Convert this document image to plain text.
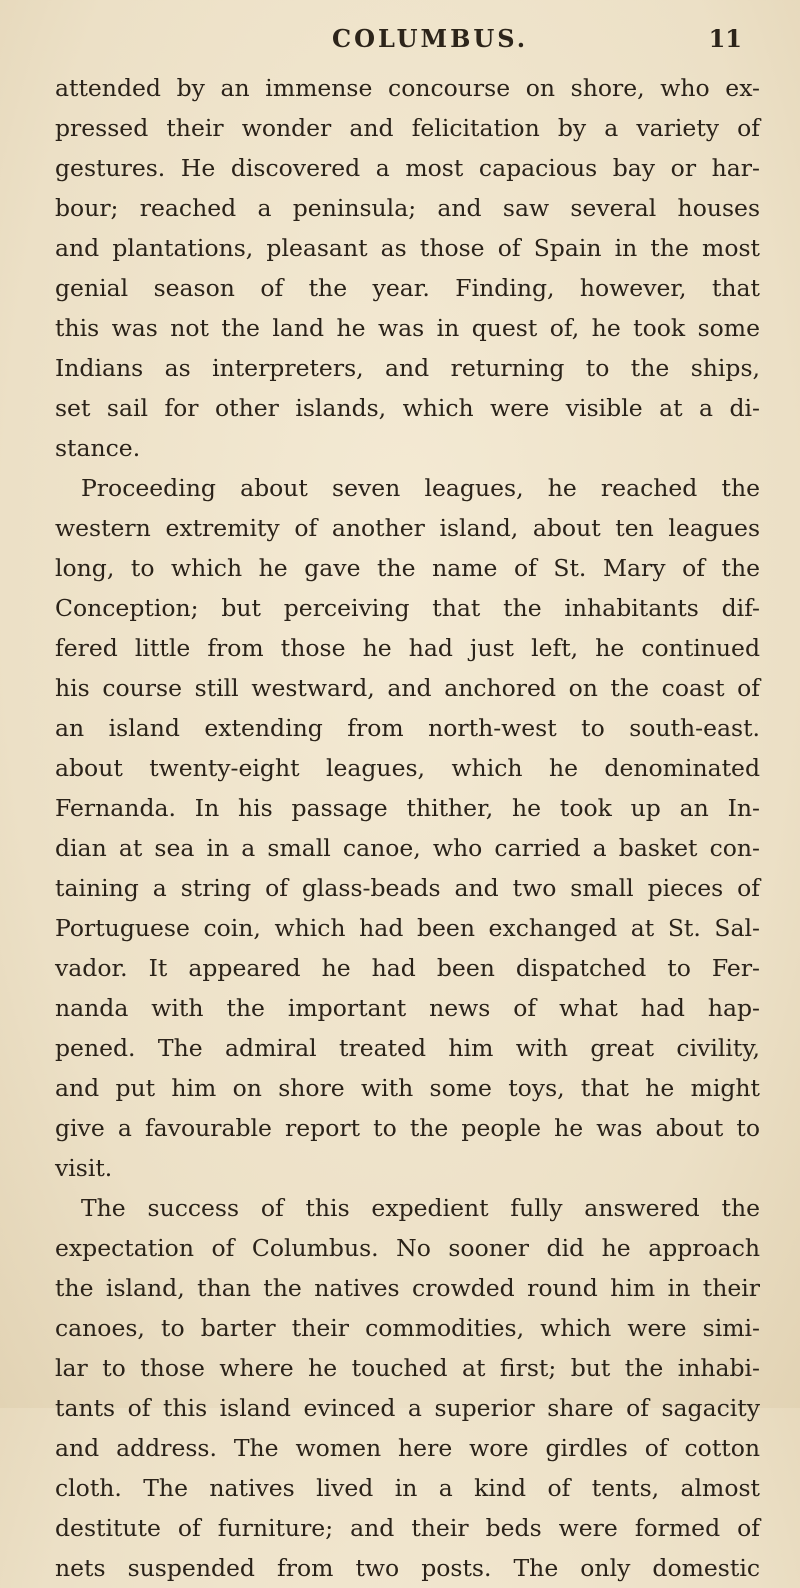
COLUMBUS.	11
attended by an immense concourse on shore, who ex-
pressed their wonder and felicitation by a variety of
gestures. He discovered a most capacious bay or har-
bour; reached a peninsula; and saw several houses
and plantations, pleasant as those of Spain in the most
genial season of the year. Finding, however, that
this was not the land he was in quest of, he took some
Indians as interpreters, and returning to the ships,
set sail for other islands, which were visible at a di-
stance.
Proceeding about seven leagues, he reached the
western extremity of another island, about ten leagues
long, to which he gave the name of St. Mary of the
Conception; but perceiving that the inhabitants dif-
fered little from those he had just left, he continued
his course still westward, and anchored on the coast of
an island extending from north-west to south-east.
about twenty-eight leagues, which he denominated
Fernanda. In his passage thither, he took up an In-
dian at sea in a small canoe, who carried a basket con-
taining a string of glass-beads and two small pieces of
Portuguese coin, which had been exchanged at St. Sal-
vador. It appeared he had been dispatched to Fer-
nanda with the important news of what had hap-
pened. The admiral treated him with great civility,
and put him on shore with some toys, that he might
give a favourable report to the people he was about to
visit.
The success of this expedient fully answered the
expectation of Columbus. No sooner did he approach
the island, than the natives crowded round him in their
canoes, to barter their commodities, which were simi-
lar to those where he touched at first; but the inhabi-
tants of this island evinced a superior share of sagacity
and address. The women here wore girdles of cotton
cloth. The natives lived in a kind of tents, almost
destitute of furniture; and their beds were formed of
nets suspended from two posts. The only domestic
